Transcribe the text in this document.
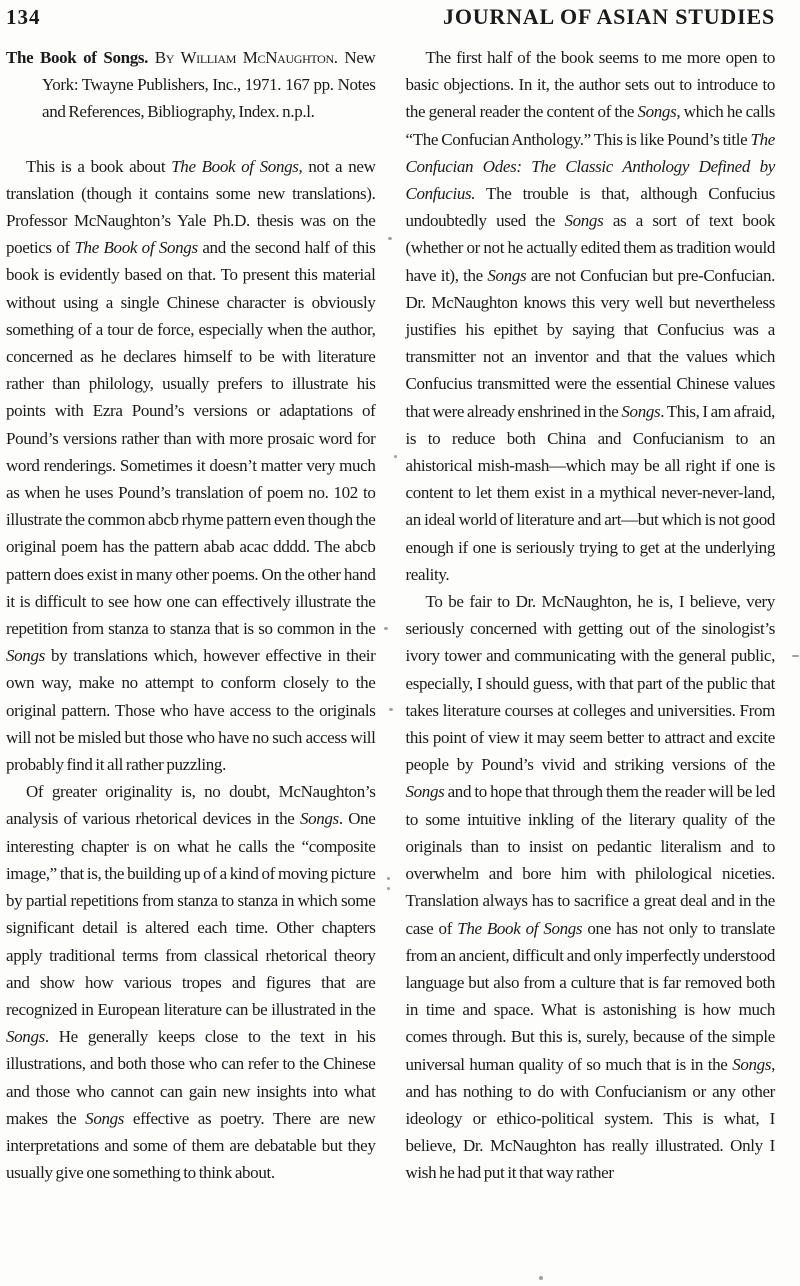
134	JOURNAL OF ASIAN STUDIES

The Book of Songs. By William McNaughton. New York: Twayne Publishers, Inc., 1971. 167 pp. Notes and References, Bibliography, Index. n.p.l.

This is a book about The Book of Songs, not a new translation (though it contains some new translations). Professor McNaughton’s Yale Ph.D. thesis was on the poetics of The Book of Songs and the second half of this book is evidently based on that. To present this material without using a single Chinese character is obviously something of a tour de force, especially when the author, concerned as he declares himself to be with literature rather than philology, usually prefers to illustrate his points with Ezra Pound’s versions or adaptations of Pound’s versions rather than with more prosaic word for word renderings. Sometimes it doesn’t matter very much as when he uses Pound’s translation of poem no. 102 to illustrate the common abcb rhyme pattern even though the original poem has the pattern abab acac dddd. The abcb pattern does exist in many other poems. On the other hand it is difficult to see how one can effectively illustrate the repetition from stanza to stanza that is so common in the Songs by translations which, however effective in their own way, make no attempt to conform closely to the original pattern. Those who have access to the originals will not be misled but those who have no such access will probably find it all rather puzzling.

Of greater originality is, no doubt, McNaughton’s analysis of various rhetorical devices in the Songs. One interesting chapter is on what he calls the “composite image,” that is, the building up of a kind of moving picture by partial repetitions from stanza to stanza in which some significant detail is altered each time. Other chapters apply traditional terms from classical rhetorical theory and show how various tropes and figures that are recognized in European literature can be illustrated in the Songs. He generally keeps close to the text in his illustrations, and both those who can refer to the Chinese and those who cannot can gain new insights into what makes the Songs effective as poetry. There are new interpretations and some of them are debatable but they usually give one something to think about.

The first half of the book seems to me more open to basic objections. In it, the author sets out to introduce to the general reader the content of the Songs, which he calls “The Confucian Anthology.” This is like Pound’s title The Confucian Odes: The Classic Anthology Defined by Confucius. The trouble is that, although Confucius undoubtedly used the Songs as a sort of text book (whether or not he actually edited them as tradition would have it), the Songs are not Confucian but pre-Confucian. Dr. McNaughton knows this very well but nevertheless justifies his epithet by saying that Confucius was a transmitter not an inventor and that the values which Confucius transmitted were the essential Chinese values that were already enshrined in the Songs. This, I am afraid, is to reduce both China and Confucianism to an ahistorical mish-mash—which may be all right if one is content to let them exist in a mythical never-never-land, an ideal world of literature and art—but which is not good enough if one is seriously trying to get at the underlying reality.

To be fair to Dr. McNaughton, he is, I believe, very seriously concerned with getting out of the sinologist’s ivory tower and communicating with the general public, especially, I should guess, with that part of the public that takes literature courses at colleges and universities. From this point of view it may seem better to attract and excite people by Pound’s vivid and striking versions of the Songs and to hope that through them the reader will be led to some intuitive inkling of the literary quality of the originals than to insist on pedantic literalism and to overwhelm and bore him with philological niceties. Translation always has to sacrifice a great deal and in the case of The Book of Songs one has not only to translate from an ancient, difficult and only imperfectly understood language but also from a culture that is far removed both in time and space. What is astonishing is how much comes through. But this is, surely, because of the simple universal human quality of so much that is in the Songs, and has nothing to do with Confucianism or any other ideology or ethico-political system. This is what, I believe, Dr. McNaughton has really illustrated. Only I wish he had put it that way rather
